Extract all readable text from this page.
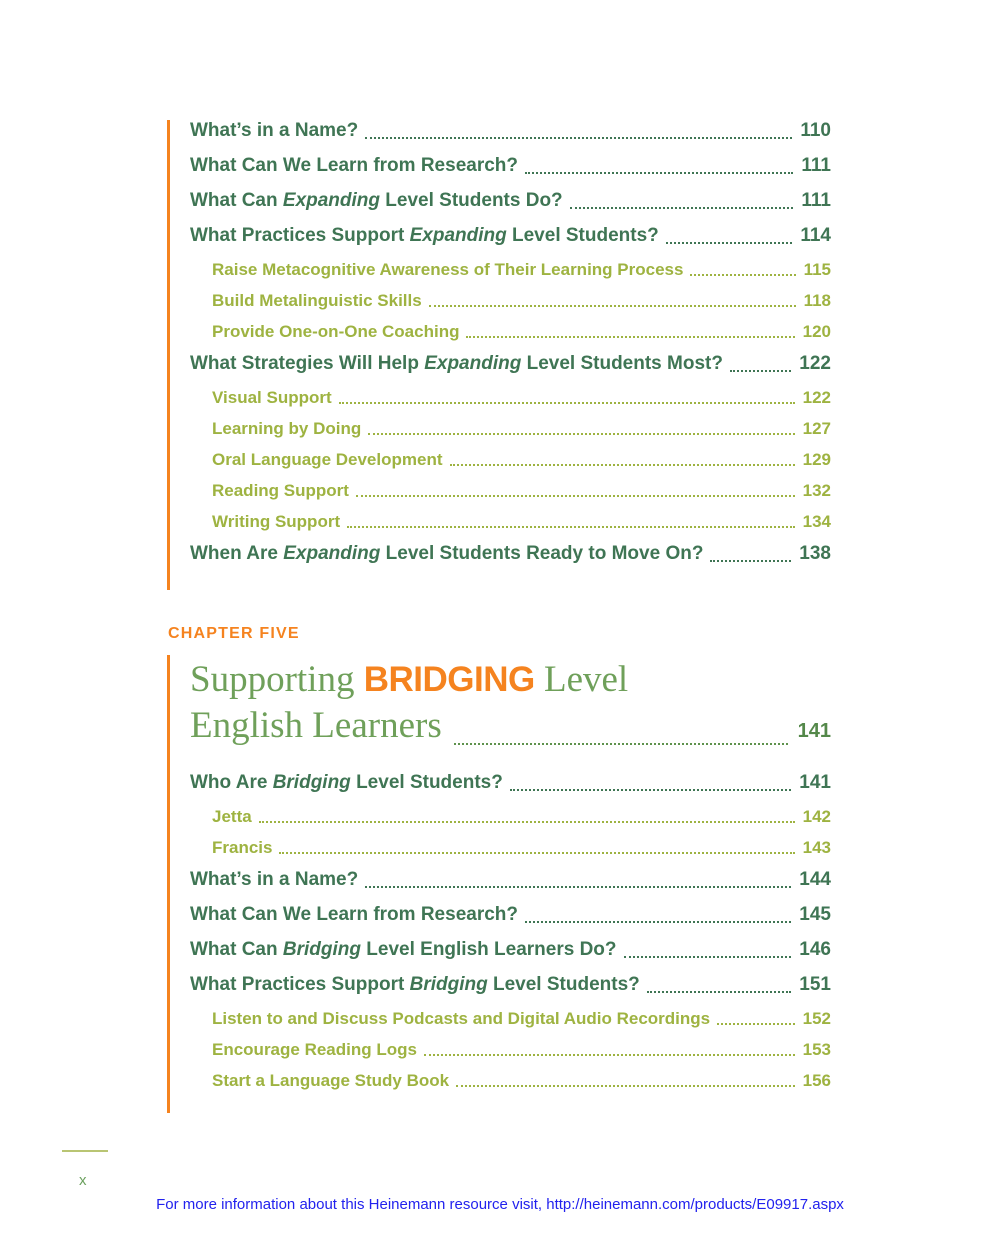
What’s in a Name?	110
What Can We Learn from Research?	111
What Can Expanding Level Students Do?	111
What Practices Support Expanding Level Students?	114
Raise Metacognitive Awareness of Their Learning Process	115
Build Metalinguistic Skills	118
Provide One-on-One Coaching	120
What Strategies Will Help Expanding Level Students Most?	122
Visual Support	122
Learning by Doing	127
Oral Language Development	129
Reading Support	132
Writing Support	134
When Are Expanding Level Students Ready to Move On?	138
CHAPTER FIVE
Supporting BRIDGING Level
English Learners	141
Who Are Bridging Level Students?	141
Jetta	142
Francis	143
What’s in a Name?	144
What Can We Learn from Research?	145
What Can Bridging Level English Learners Do?	146
What Practices Support Bridging Level Students?	151
Listen to and Discuss Podcasts and Digital Audio Recordings	152
Encourage Reading Logs	153
Start a Language Study Book	156
x
For more information about this Heinemann resource visit, http://heinemann.com/products/E09917.aspx
